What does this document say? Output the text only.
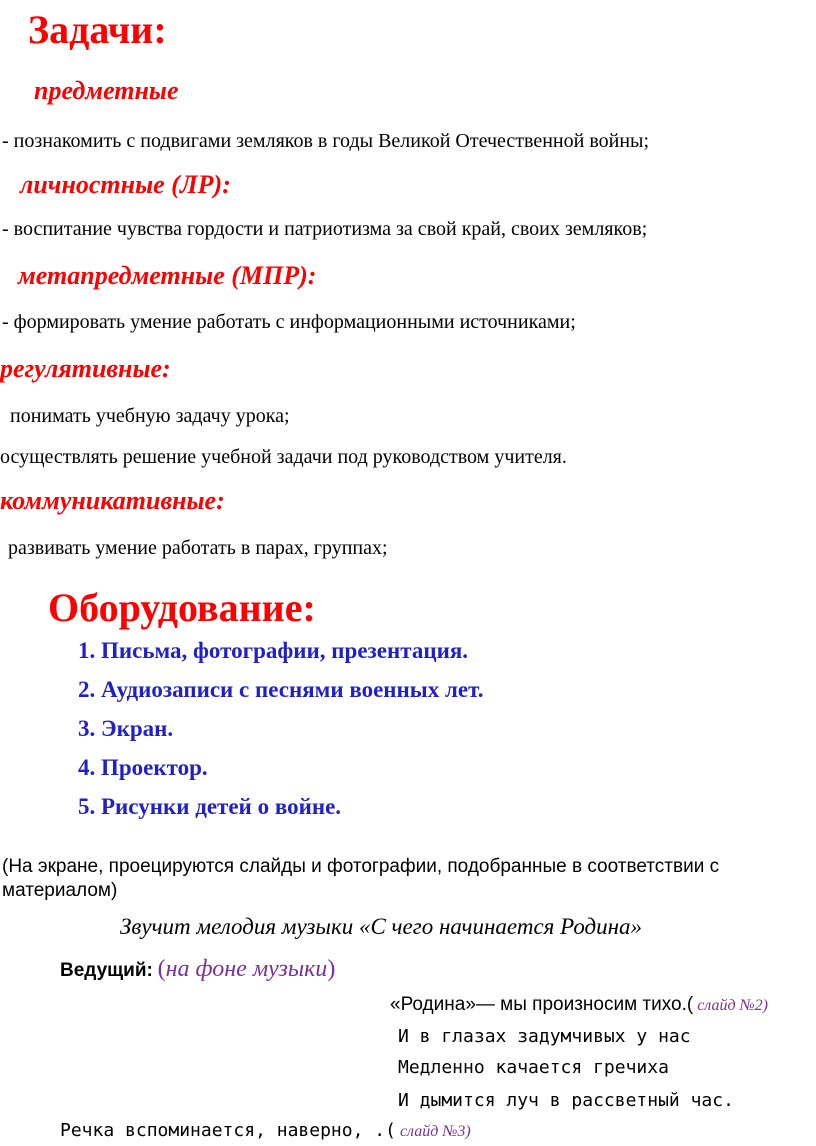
Задачи:
предметные
- познакомить с подвигами земляков в годы Великой Отечественной войны;
личностные (ЛР):
- воспитание чувства гордости и патриотизма за свой край, своих земляков;
метапредметные (МПР):
- формировать умение работать с информационными источниками;
регулятивные:
понимать учебную задачу урока;
осуществлять решение учебной задачи под руководством учителя.
коммуникативные:
развивать умение работать в парах, группах;
Оборудование:
1. Письма, фотографии, презентация.
2. Аудиозаписи с песнями военных лет.
3. Экран.
4. Проектор.
5. Рисунки детей о войне.
(На экране, проецируются слайды и фотографии, подобранные в соответствии с
материалом)
Звучит мелодия музыки «С чего начинается Родина»
Ведущий: (на фоне музыки)
«Родина»— мы произносим тихо.( слайд №2)
И в глазах задумчивых у нас
Медленно качается гречиха
И дымится луч в рассветный час.
Речка вспоминается, наверно, .( слайд №3)
